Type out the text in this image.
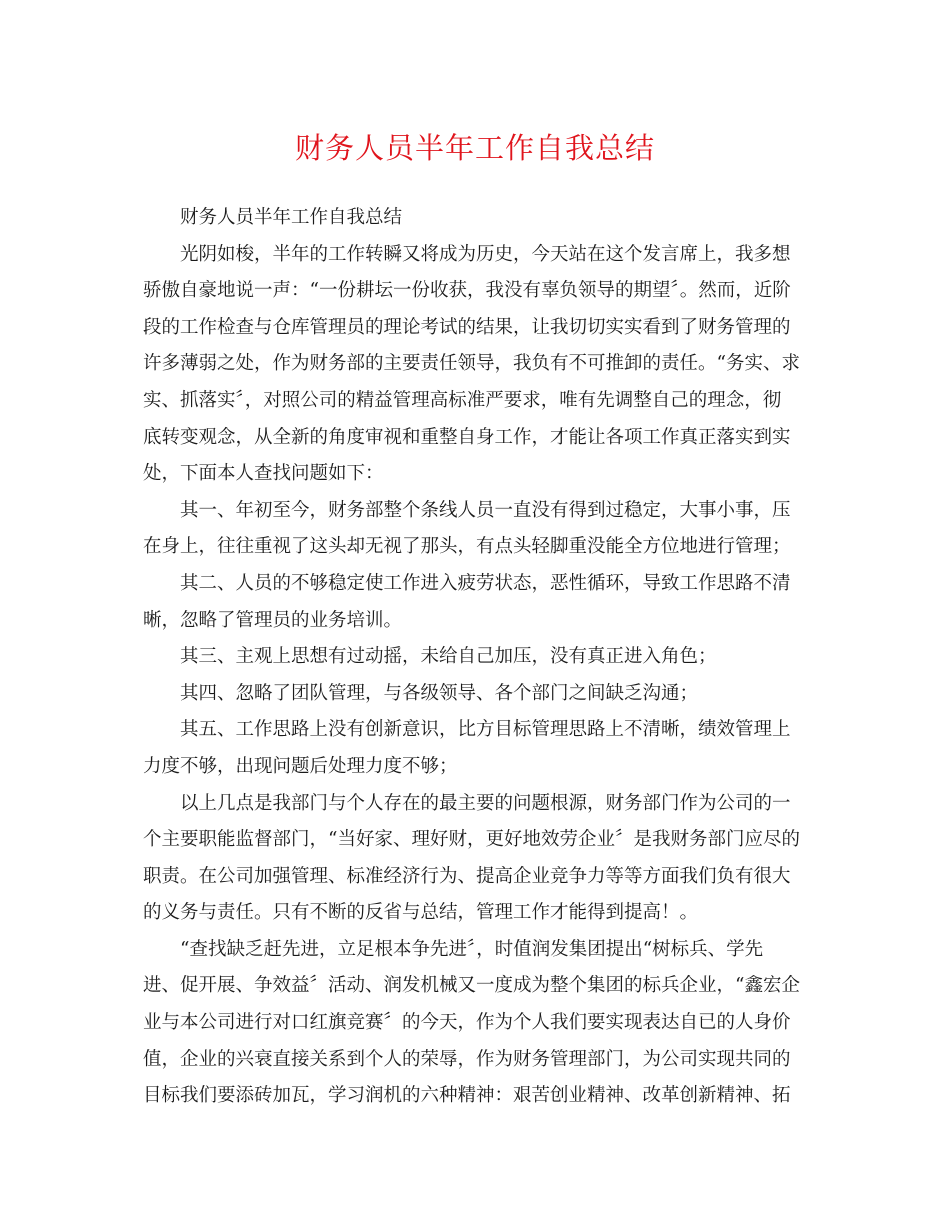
财务人员半年工作自我总结
财务人员半年工作自我总结
光阴如梭，半年的工作转瞬又将成为历史，今天站在这个发言席上，我多想
骄傲自豪地说一声：“一份耕坛一份收获，我没有辜负领导的期望〞。然而，近阶
段的工作检查与仓库管理员的理论考试的结果，让我切切实实看到了财务管理的
许多薄弱之处，作为财务部的主要责任领导，我负有不可推卸的责任。“务实、求
实、抓落实〞，对照公司的精益管理高标准严要求，唯有先调整自己的理念，彻
底转变观念，从全新的角度审视和重整自身工作，才能让各项工作真正落实到实
处，下面本人查找问题如下：
其一、年初至今，财务部整个条线人员一直没有得到过稳定，大事小事，压
在身上，往往重视了这头却无视了那头，有点头轻脚重没能全方位地进行管理；
其二、人员的不够稳定使工作进入疲劳状态，恶性循环，导致工作思路不清
晰，忽略了管理员的业务培训。
其三、主观上思想有过动摇，未给自己加压，没有真正进入角色；
其四、忽略了团队管理，与各级领导、各个部门之间缺乏沟通；
其五、工作思路上没有创新意识，比方目标管理思路上不清晰，绩效管理上
力度不够，出现问题后处理力度不够；
以上几点是我部门与个人存在的最主要的问题根源，财务部门作为公司的一
个主要职能监督部门，“当好家、理好财，更好地效劳企业〞是我财务部门应尽的
职责。在公司加强管理、标准经济行为、提高企业竞争力等等方面我们负有很大
的义务与责任。只有不断的反省与总结，管理工作才能得到提高！。
“查找缺乏赶先进，立足根本争先进〞，时值润发集团提出“树标兵、学先
进、促开展、争效益〞活动、润发机械又一度成为整个集团的标兵企业，“鑫宏企
业与本公司进行对口红旗竞赛〞的今天，作为个人我们要实现表达自已的人身价
值，企业的兴衰直接关系到个人的荣辱，作为财务管理部门，为公司实现共同的
目标我们要添砖加瓦，学习润机的六种精神：艰苦创业精神、改革创新精神、拓
